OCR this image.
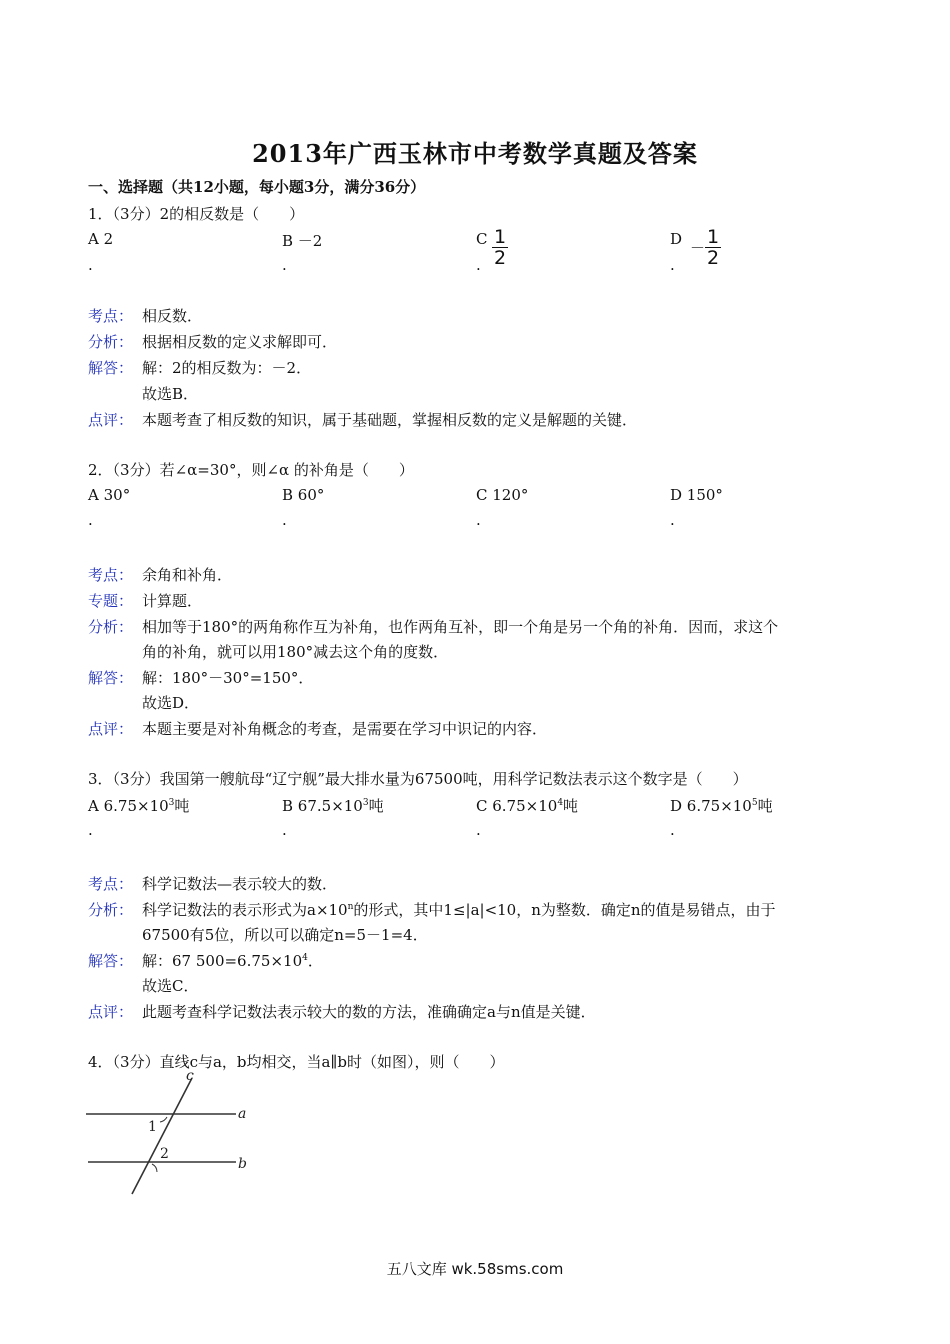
2013年广西玉林市中考数学真题及答案
一、选择题（共12小题，每小题3分，满分36分）
1．（3分）2的相反数是（　　）
A 2	B －2	C $\frac{1}{2}$	$D - \frac{1}{2}$
.	.	.	.
考点： 相反数．
分析： 根据相反数的定义求解即可．
解答： 解：2的相反数为：－2．
故选B．
点评： 本题考查了相反数的知识，属于基础题，掌握相反数的定义是解题的关键．
2．（3分）若∠α=30°，则∠α 的补角是（　　）
A 30°	B 60°	C 120°	D 150°
.	.	.	.
考点： 余角和补角．
专题： 计算题．
分析： 相加等于180°的两角称作互为补角，也作两角互补，即一个角是另一个角的补角．因而，求这个
角的补角，就可以用180°减去这个角的度数．
解答： 解：180°－30°=150°．
故选D．
点评： 本题主要是对补角概念的考查，是需要在学习中识记的内容．
3．（3分）我国第一艘航母“辽宁舰”最大排水量为67500吨，用科学记数法表示这个数字是（　　）
A $6.75\times 10^3$吨	B $67.5\times 10^3$吨	C $6.75\times 10^4$吨	D $6.75\times 10^5$吨
.	.	.	.
考点： 科学记数法—表示较大的数．
分析： 科学记数法的表示形式为$a\times 10^n$的形式，其中1≤|a|<10，n为整数．确定n的值是易错点，由于
67500有5位，所以可以确定n=5－1=4．
解答： 解：67 $500=6.75\times 10^4$．
故选C．
点评： 此题考查科学记数法表示较大的数的方法，准确确定a与n值是关键．
4．（3分）直线c与a，b均相交，当a∥b时（如图），则（　　）
c
a
b
1
2
五八文库 wk.58sms.com
